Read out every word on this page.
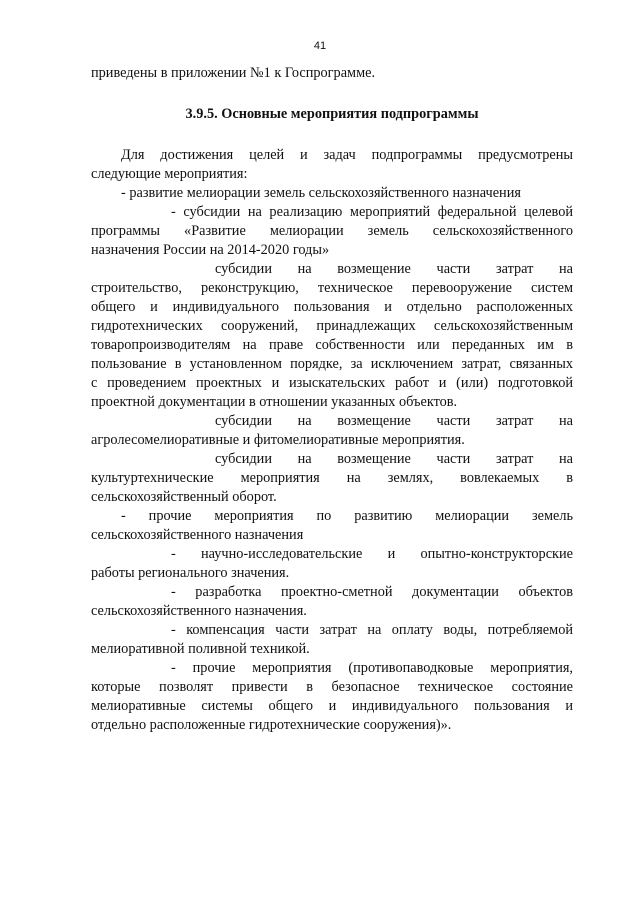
41
приведены в приложении №1 к Госпрограмме.
3.9.5. Основные мероприятия подпрограммы
Для достижения целей и задач подпрограммы предусмотрены
следующие мероприятия:
- развитие мелиорации земель сельскохозяйственного назначения
- субсидии на реализацию мероприятий федеральной целевой
программы «Развитие мелиорации земель сельскохозяйственного
назначения России на 2014-2020 годы»
субсидии на возмещение части затрат на
строительство, реконструкцию, техническое перевооружение систем
общего и индивидуального пользования и отдельно расположенных
гидротехнических сооружений, принадлежащих сельскохозяйственным
товаропроизводителям на праве собственности или переданных им в
пользование в установленном порядке, за исключением затрат, связанных
с проведением проектных и изыскательских работ и (или) подготовкой
проектной документации в отношении указанных объектов.
субсидии на возмещение части затрат на
агролесомелиоративные и фитомелиоративные мероприятия.
субсидии на возмещение части затрат на
культуртехнические мероприятия на землях, вовлекаемых в
сельскохозяйственный оборот.
- прочие мероприятия по развитию мелиорации земель
сельскохозяйственного назначения
- научно-исследовательские и опытно-конструкторские
работы регионального значения.
- разработка проектно-сметной документации объектов
сельскохозяйственного назначения.
- компенсация части затрат на оплату воды, потребляемой
мелиоративной поливной техникой.
- прочие мероприятия (противопаводковые мероприятия,
которые позволят привести в безопасное техническое состояние
мелиоративные системы общего и индивидуального пользования и
отдельно расположенные гидротехнические сооружения)».
